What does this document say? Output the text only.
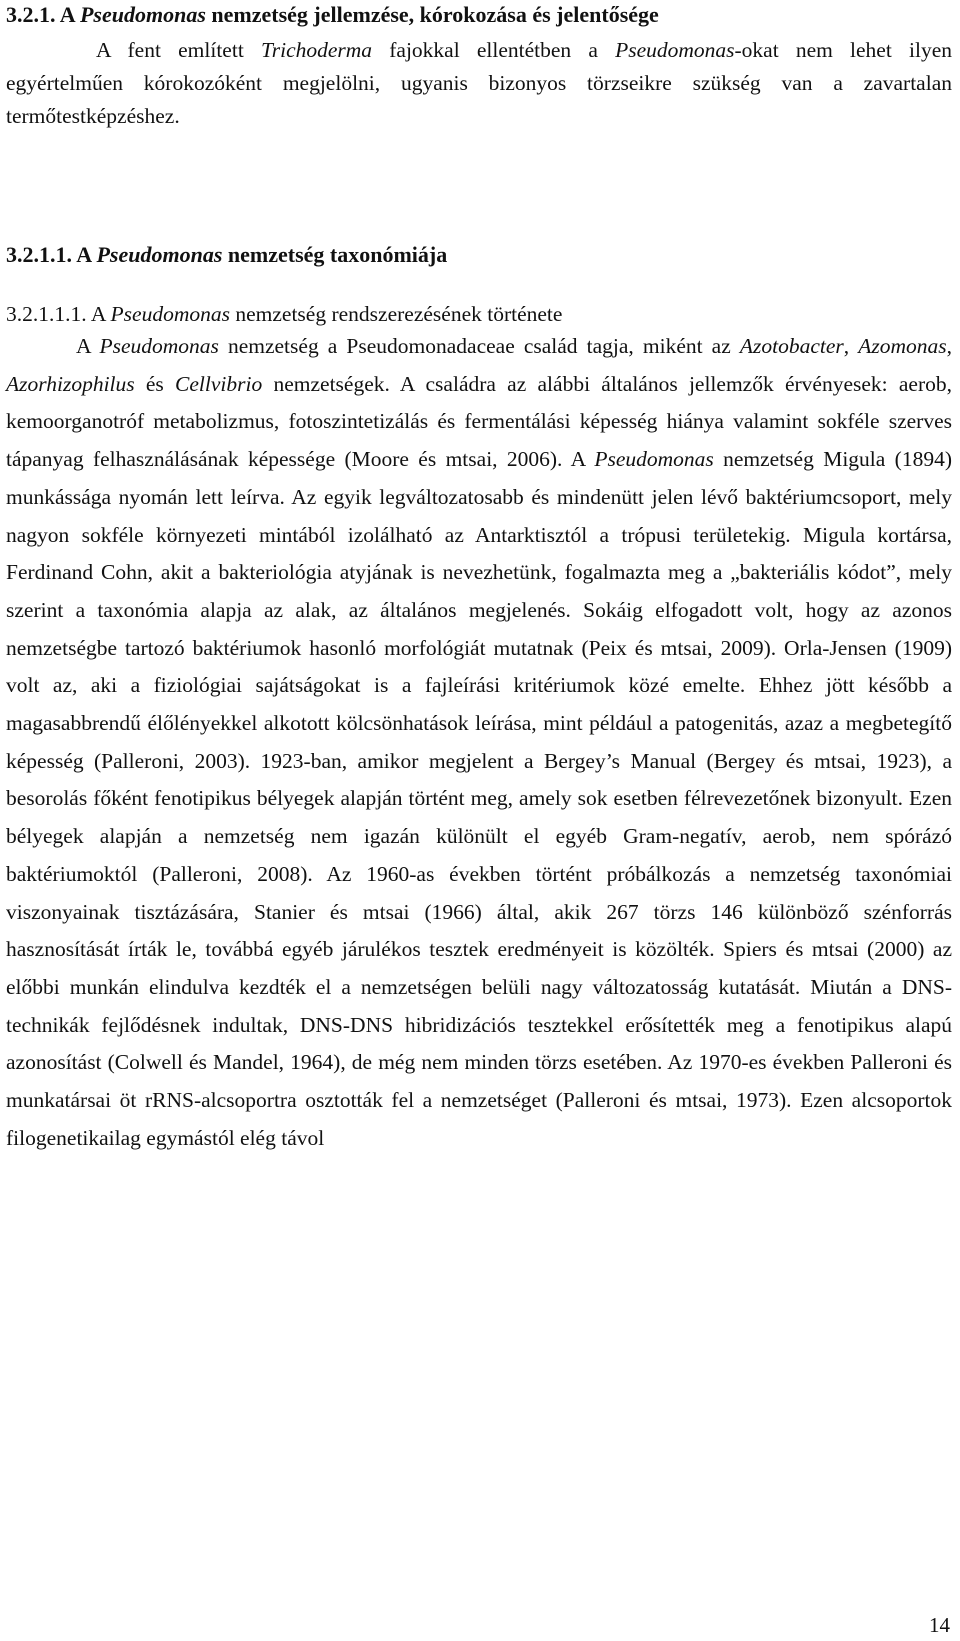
3.2.1. A Pseudomonas nemzetség jellemzése, kórokozása és jelentősége
A fent említett Trichoderma fajokkal ellentétben a Pseudomonas-okat nem lehet ilyen egyértelműen kórokozóként megjelölni, ugyanis bizonyos törzseikre szükség van a zavartalan termőtestképzéshez.
3.2.1.1. A Pseudomonas nemzetség taxonómiája
3.2.1.1.1. A Pseudomonas nemzetség rendszerezésének története
A Pseudomonas nemzetség a Pseudomonadaceae család tagja, miként az Azotobacter, Azomonas, Azorhizophilus és Cellvibrio nemzetségek. A családra az alábbi általános jellemzők érvényesek: aerob, kemoorganotróf metabolizmus, fotoszintetizálás és fermentálási képesség hiánya valamint sokféle szerves tápanyag felhasználásának képessége (Moore és mtsai, 2006). A Pseudomonas nemzetség Migula (1894) munkássága nyomán lett leírva. Az egyik legváltozatosabb és mindenütt jelen lévő baktériumcsoport, mely nagyon sokféle környezeti mintából izolálható az Antarktisztól a trópusi területekig. Migula kortársa, Ferdinand Cohn, akit a bakteriológia atyjának is nevezhetünk, fogalmazta meg a „bakteriális kódot”, mely szerint a taxonómia alapja az alak, az általános megjelenés. Sokáig elfogadott volt, hogy az azonos nemzetségbe tartozó baktériumok hasonló morfológiát mutatnak (Peix és mtsai, 2009). Orla-Jensen (1909) volt az, aki a fiziológiai sajátságokat is a fajleírási kritériumok közé emelte. Ehhez jött később a magasabbrendű élőlényekkel alkotott kölcsönhatások leírása, mint például a patogenitás, azaz a megbetegítő képesség (Palleroni, 2003). 1923-ban, amikor megjelent a Bergey’s Manual (Bergey és mtsai, 1923), a besorolás főként fenotipikus bélyegek alapján történt meg, amely sok esetben félrevezetőnek bizonyult. Ezen bélyegek alapján a nemzetség nem igazán különült el egyéb Gram-negatív, aerob, nem spórázó baktériumoktól (Palleroni, 2008). Az 1960-as években történt próbálkozás a nemzetség taxonómiai viszonyainak tisztázására, Stanier és mtsai (1966) által, akik 267 törzs 146 különböző szénforrás hasznosítását írták le, továbbá egyéb járulékos tesztek eredményeit is közölték. Spiers és mtsai (2000) az előbbi munkán elindulva kezdték el a nemzetségen belüli nagy változatosság kutatását. Miután a DNS-technikák fejlődésnek indultak, DNS-DNS hibridizációs tesztekkel erősítették meg a fenotipikus alapú azonosítást (Colwell és Mandel, 1964), de még nem minden törzs esetében. Az 1970-es években Palleroni és munkatársai öt rRNS-alcsoportra osztották fel a nemzetséget (Palleroni és mtsai, 1973). Ezen alcsoportok filogenetikailag egymástól elég távol
14
